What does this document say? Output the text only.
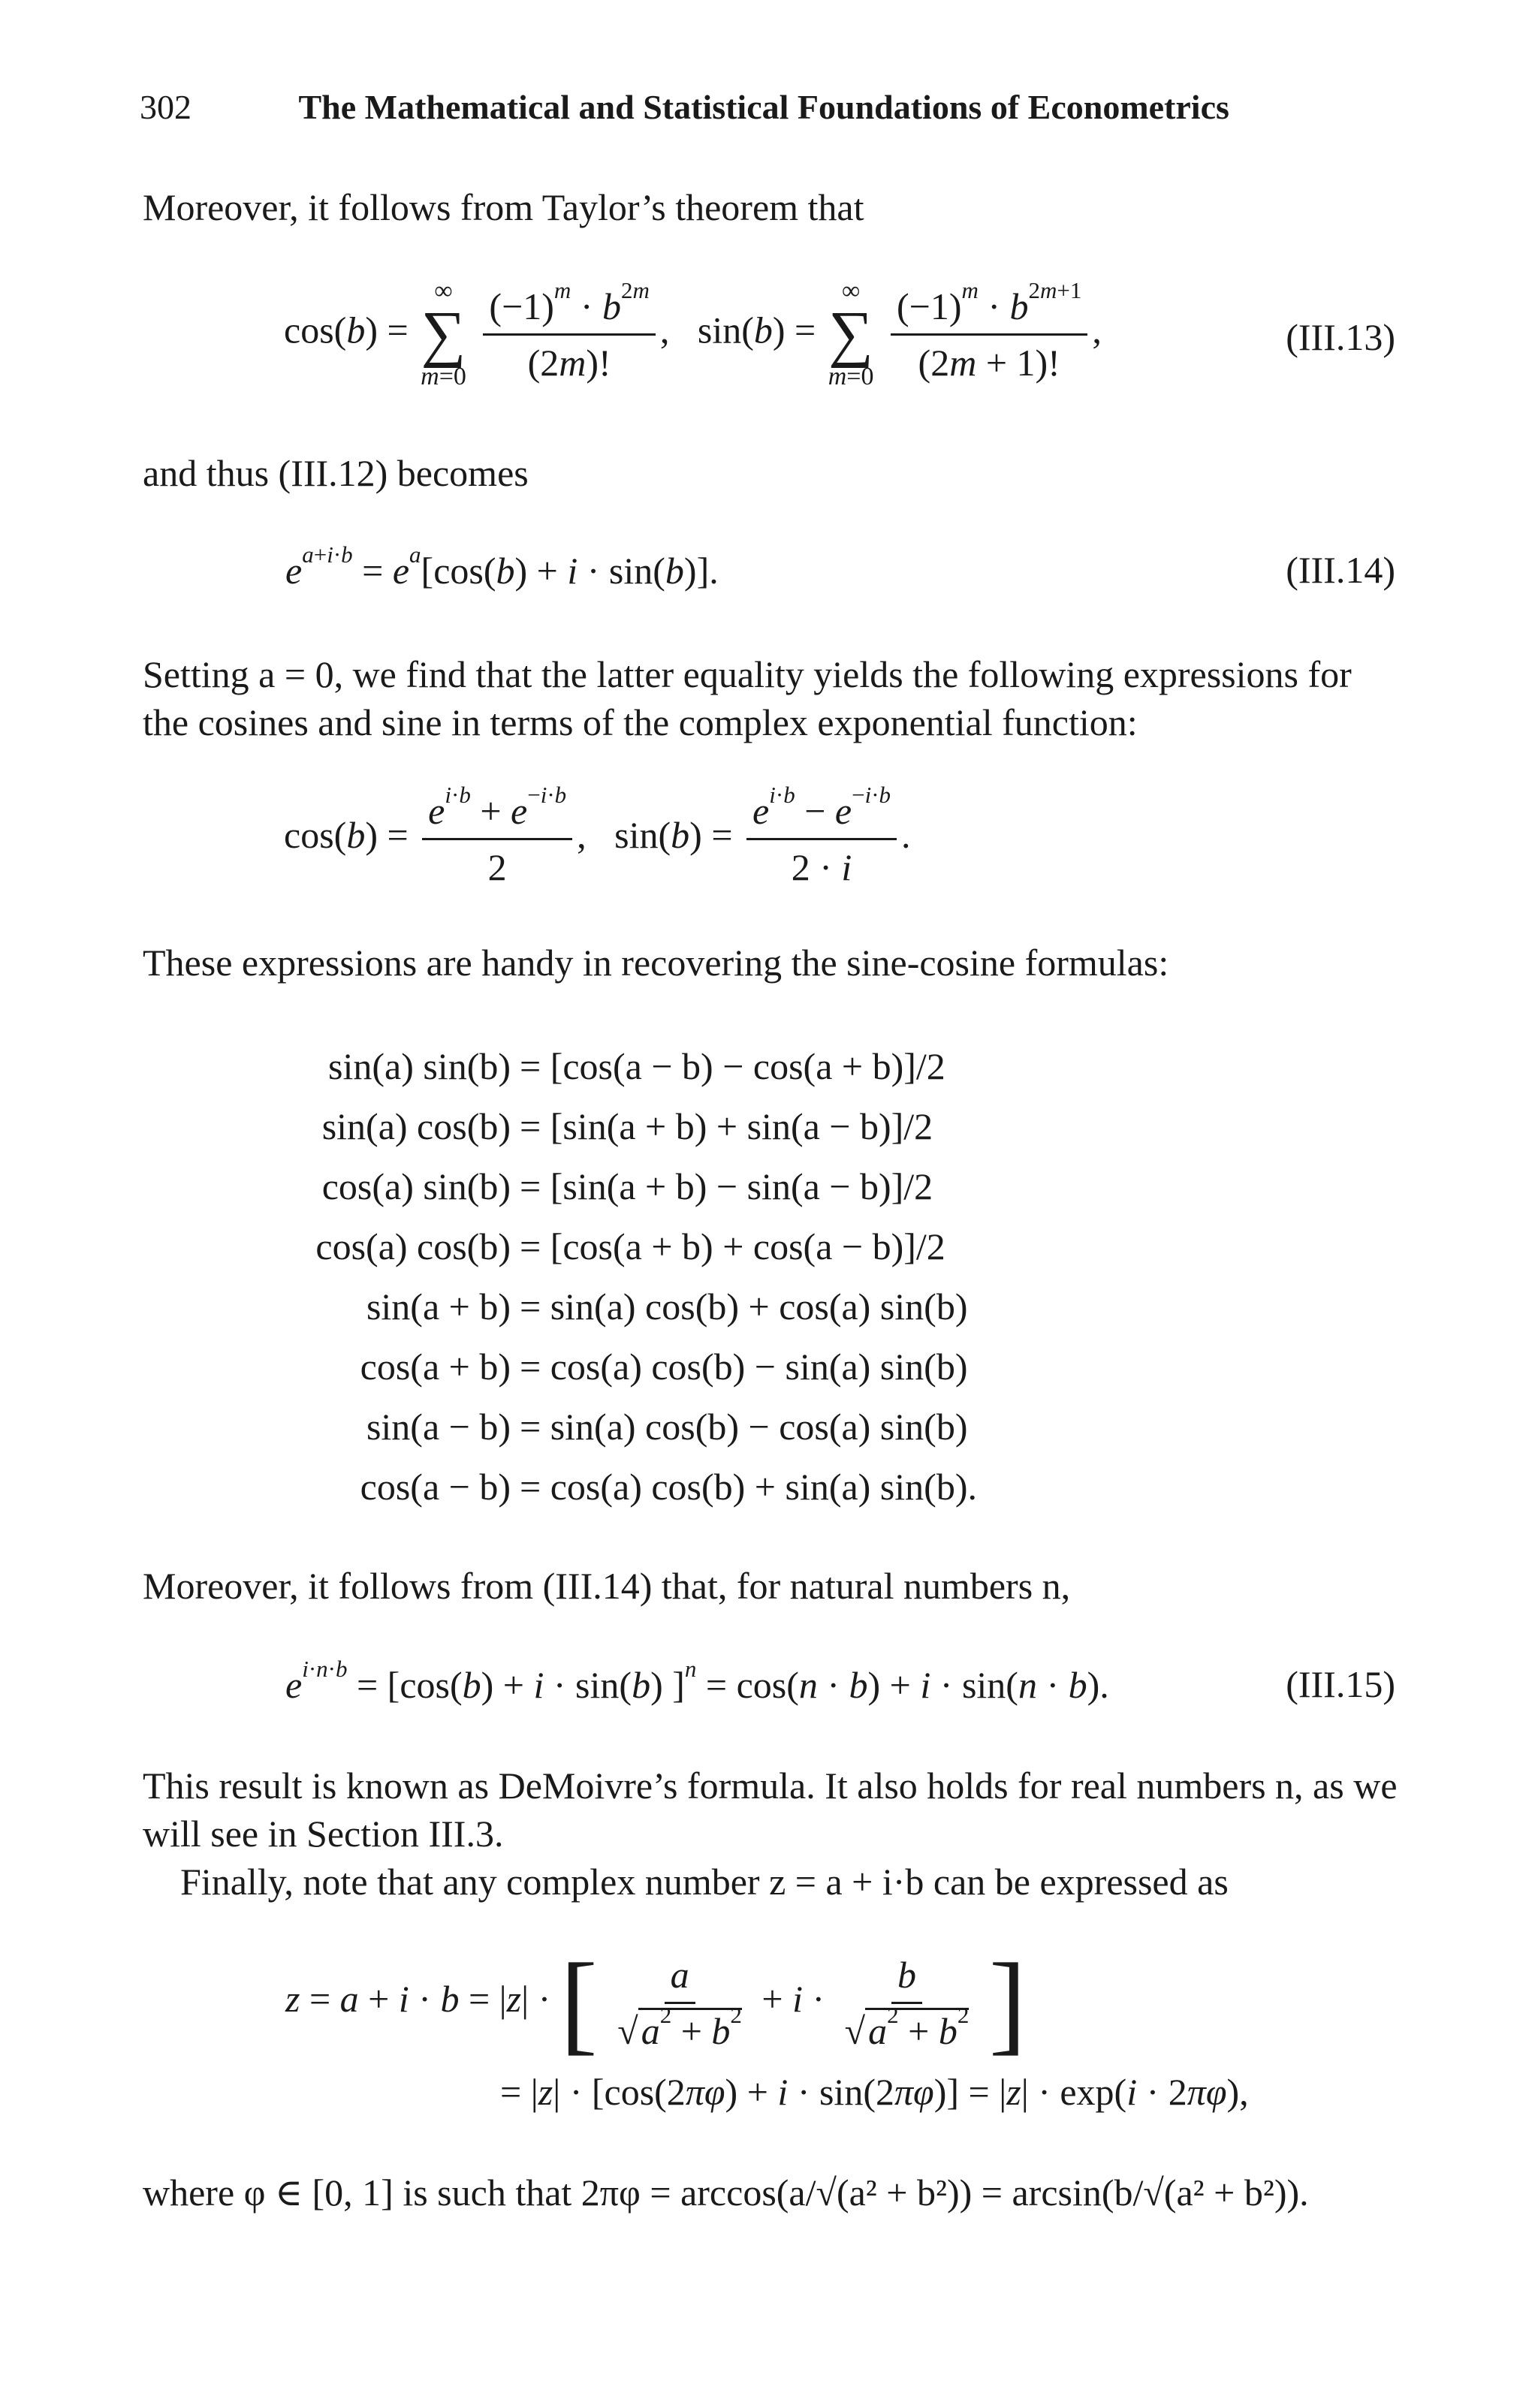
302	The Mathematical and Statistical Foundations of Econometrics
Moreover, it follows from Taylor’s theorem that
cos(b) =
∞
∑
m=0
$\frac{(-1)^m \cdot b^{2m}}{(2m)!}$ ,   sin(b) =
∞
∑
m=0
$\frac{(-1)^m \cdot b^{2m+1}}{(2m + 1)!}$ ,	(III.13)
and thus (III.12) becomes
$e^{a+i\cdot b} = e^a[\cos(b) + i \cdot \sin(b)]$.	(III.14)
Setting a = 0, we find that the latter equality yields the following expressions for the cosines and sine in terms of the complex exponential function:
$\cos(b) = \frac{e^{i\cdot b} + e^{-i\cdot b}}{2}$ ,   $\sin(b) = \frac{e^{i\cdot b} - e^{-i\cdot b}}{2 \cdot i}$ .
These expressions are handy in recovering the sine-cosine formulas:
sin(a) sin(b) = [cos(a − b) − cos(a + b)]/2
sin(a) cos(b) = [sin(a + b) + sin(a − b)]/2
cos(a) sin(b) = [sin(a + b) − sin(a − b)]/2
cos(a) cos(b) = [cos(a + b) + cos(a − b)]/2
sin(a + b) = sin(a) cos(b) + cos(a) sin(b)
cos(a + b) = cos(a) cos(b) − sin(a) sin(b)
sin(a − b) = sin(a) cos(b) − cos(a) sin(b)
cos(a − b) = cos(a) cos(b) + sin(a) sin(b).
Moreover, it follows from (III.14) that, for natural numbers n,
$e^{i\cdot n\cdot b} = [\cos(b) + i \cdot \sin(b) ]^n = \cos(n \cdot b) + i \cdot \sin(n \cdot b)$.	(III.15)
This result is known as DeMoivre’s formula. It also holds for real numbers n, as we will see in Section III.3.
Finally, note that any complex number z = a + i·b can be expressed as
z = a + i · b = |z| · [ $\frac{a}{√a^2 + b^2} + i \cdot \frac{b}{√a^2 + b^2}$ ]
= |z| · [cos(2πφ) + i · sin(2πφ)] = |z| · exp(i · 2πφ),
where φ ∈ [0, 1] is such that 2πφ = arccos(a/√(a² + b²)) = arcsin(b/√(a² + b²)).
